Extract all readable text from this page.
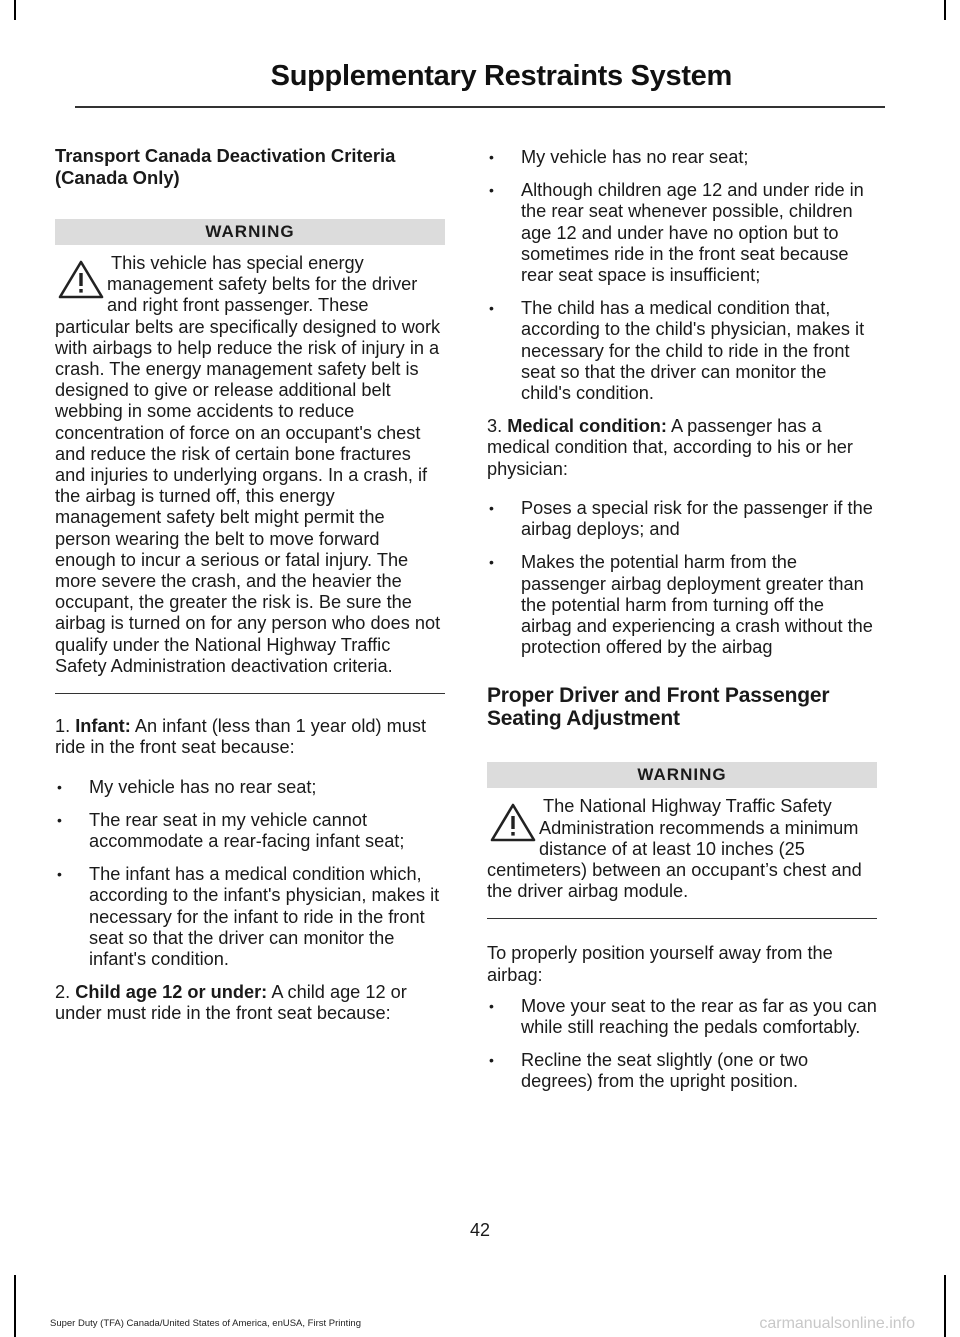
Supplementary Restraints System
Transport Canada Deactivation Criteria (Canada Only)
WARNING
This vehicle has special energy
management safety belts for the driver and right front passenger. These particular belts are specifically designed to work with airbags to help reduce the risk of injury in a crash. The energy management safety belt is designed to give or release additional belt webbing in some accidents to reduce concentration of force on an occupant's chest and reduce the risk of certain bone fractures and injuries to underlying organs. In a crash, if the airbag is turned off, this energy management safety belt might permit the person wearing the belt to move forward enough to incur a serious or fatal injury. The more severe the crash, and the heavier the occupant, the greater the risk is. Be sure the airbag is turned on for any person who does not qualify under the National Highway Traffic Safety Administration deactivation criteria.

1. Infant: An infant (less than 1 year old) must ride in the front seat because:

• My vehicle has no rear seat;
• The rear seat in my vehicle cannot accommodate a rear-facing infant seat;
• The infant has a medical condition which, according to the infant's physician, makes it necessary for the infant to ride in the front seat so that the driver can monitor the infant's condition.

2. Child age 12 or under: A child age 12 or under must ride in the front seat because:

• My vehicle has no rear seat;
• Although children age 12 and under ride in the rear seat whenever possible, children age 12 and under have no option but to sometimes ride in the front seat because rear seat space is insufficient;
• The child has a medical condition that, according to the child's physician, makes it necessary for the child to ride in the front seat so that the driver can monitor the child's condition.

3. Medical condition: A passenger has a medical condition that, according to his or her physician:

• Poses a special risk for the passenger if the airbag deploys; and
• Makes the potential harm from the passenger airbag deployment greater than the potential harm from turning off the airbag and experiencing a crash without the protection offered by the airbag
Proper Driver and Front Passenger Seating Adjustment
WARNING
The National Highway Traffic Safety
Administration recommends a minimum distance of at least 10 inches (25 centimeters) between an occupant’s chest and the driver airbag module.

To properly position yourself away from the airbag:

• Move your seat to the rear as far as you can while still reaching the pedals comfortably.
• Recline the seat slightly (one or two degrees) from the upright position.
42
Super Duty (TFA) Canada/United States of America, enUSA, First Printing	carmanualsonline.info
